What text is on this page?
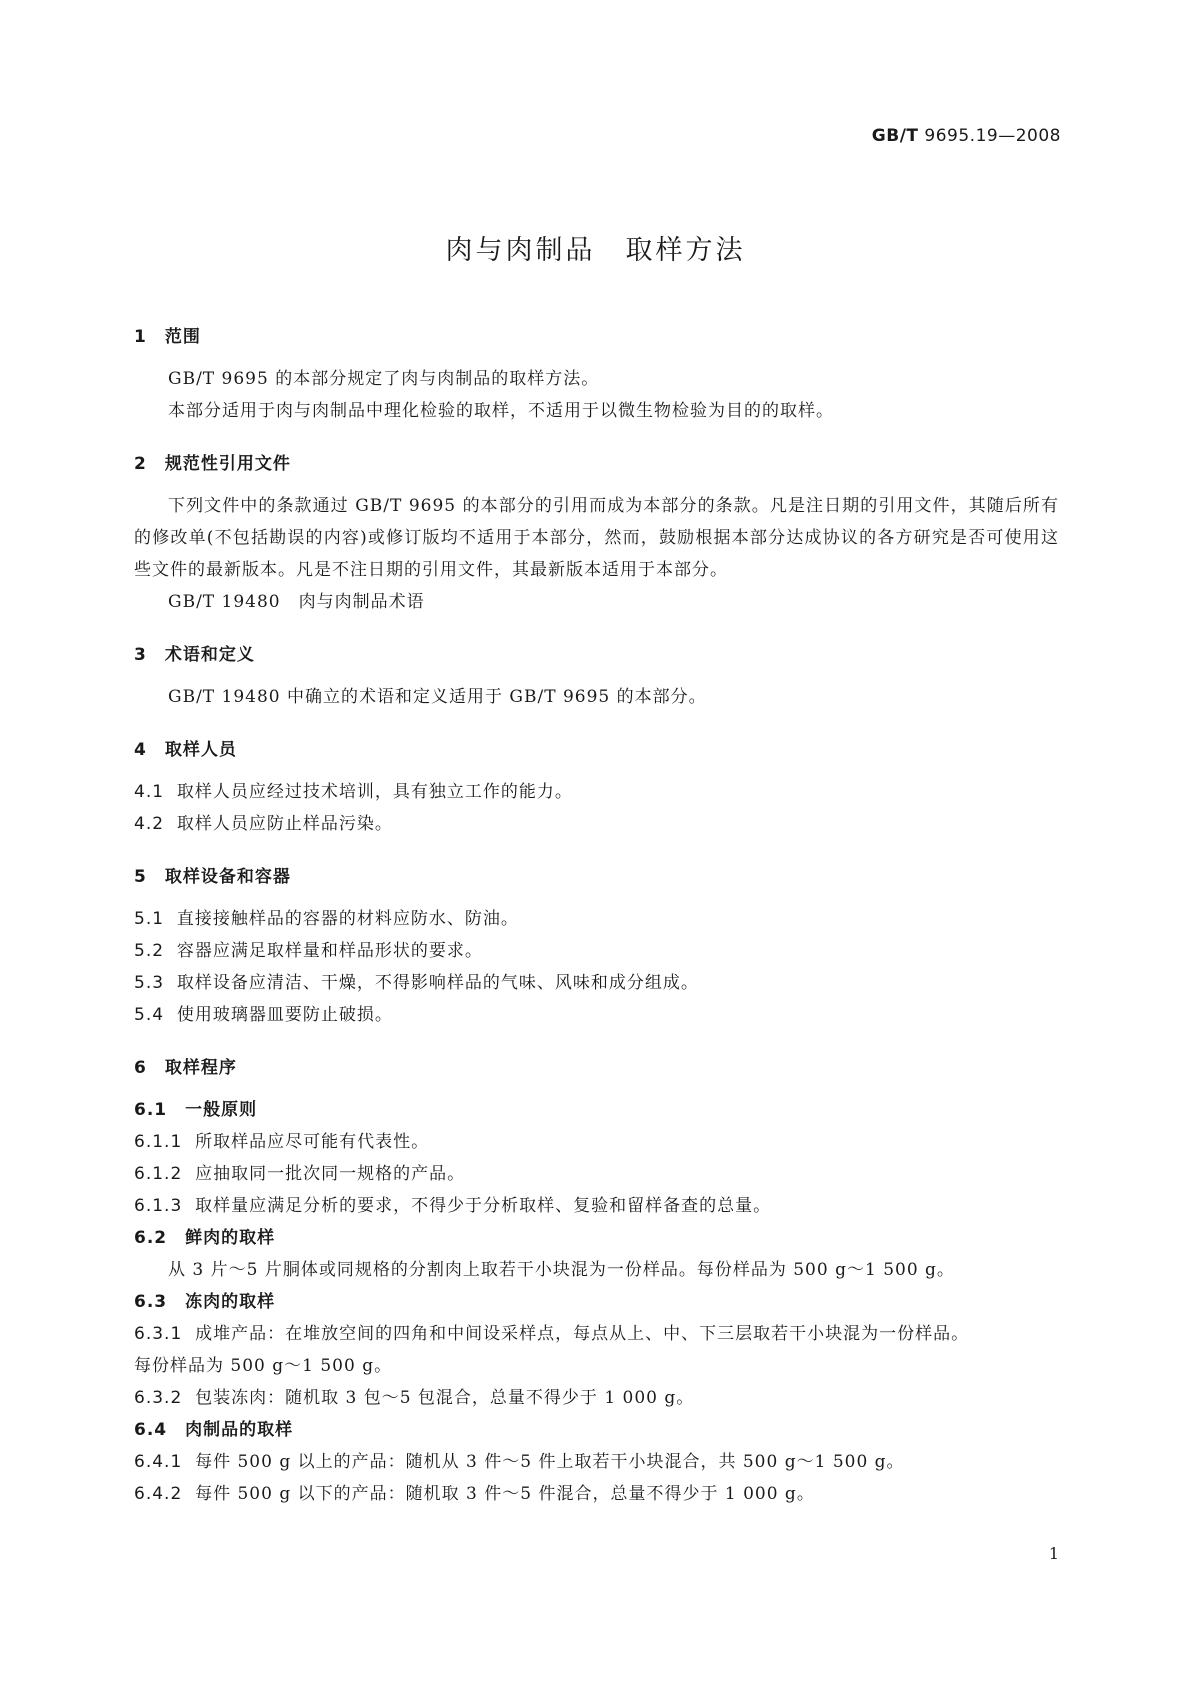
GB/T 9695.19—2008
肉与肉制品　取样方法
1　范围

GB/T 9695 的本部分规定了肉与肉制品的取样方法。

本部分适用于肉与肉制品中理化检验的取样，不适用于以微生物检验为目的的取样。

2　规范性引用文件

下列文件中的条款通过 GB/T 9695 的本部分的引用而成为本部分的条款。凡是注日期的引用文件，其随后所有的修改单(不包括勘误的内容)或修订版均不适用于本部分，然而，鼓励根据本部分达成协议的各方研究是否可使用这些文件的最新版本。凡是不注日期的引用文件，其最新版本适用于本部分。

GB/T 19480　肉与肉制品术语

3　术语和定义

GB/T 19480 中确立的术语和定义适用于 GB/T 9695 的本部分。

4　取样人员

4.1 取样人员应经过技术培训，具有独立工作的能力。

4.2 取样人员应防止样品污染。

5　取样设备和容器

5.1 直接接触样品的容器的材料应防水、防油。

5.2 容器应满足取样量和样品形状的要求。

5.3 取样设备应清洁、干燥，不得影响样品的气味、风味和成分组成。

5.4 使用玻璃器皿要防止破损。

6　取样程序
6.1　一般原则

6.1.1 所取样品应尽可能有代表性。

6.1.2 应抽取同一批次同一规格的产品。

6.1.3 取样量应满足分析的要求，不得少于分析取样、复验和留样备查的总量。

6.2　鲜肉的取样

从 3 片～5 片胴体或同规格的分割肉上取若干小块混为一份样品。每份样品为 500 g～1 500 g。

6.3　冻肉的取样

6.3.1 成堆产品：在堆放空间的四角和中间设采样点，每点从上、中、下三层取若干小块混为一份样品。

每份样品为 500 g～1 500 g。

6.3.2 包装冻肉：随机取 3 包～5 包混合，总量不得少于 1 000 g。

6.4　肉制品的取样

6.4.1 每件 500 g 以上的产品：随机从 3 件～5 件上取若干小块混合，共 500 g～1 500 g。

6.4.2 每件 500 g 以下的产品：随机取 3 件～5 件混合，总量不得少于 1 000 g。

1
